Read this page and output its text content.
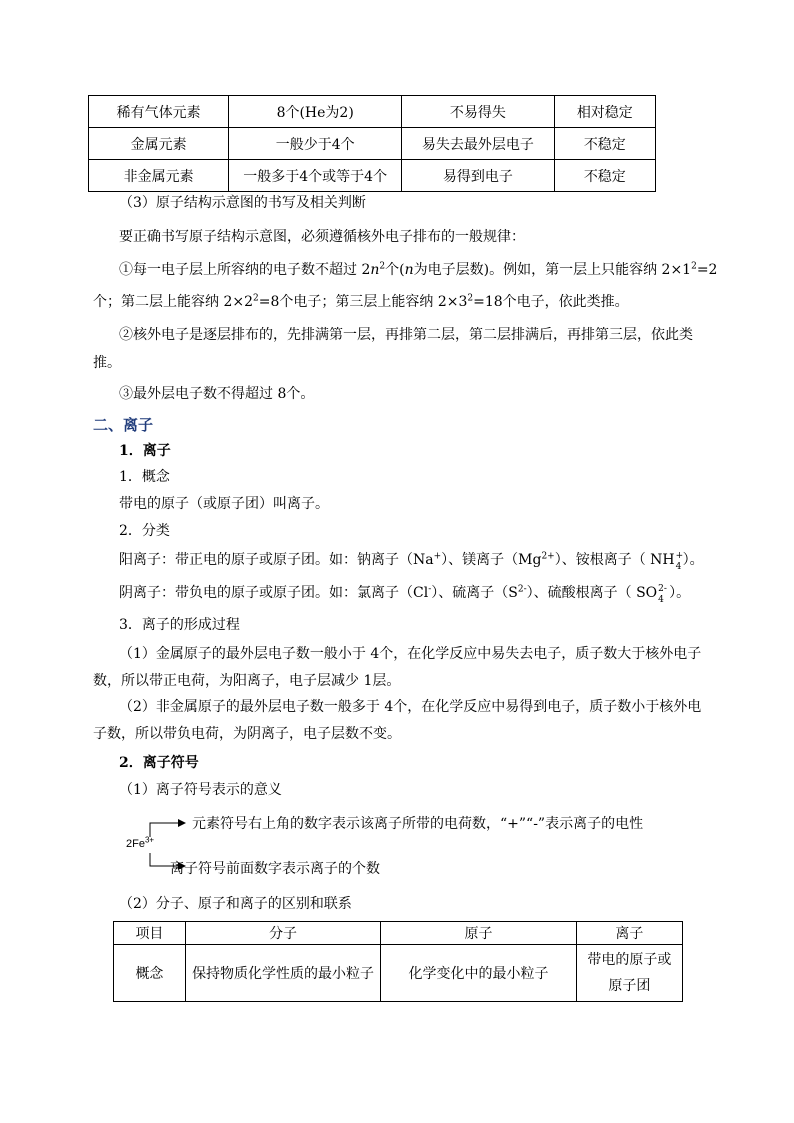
稀有气体元素	8个(He为2)	不易得失	相对稳定
金属元素	一般少于4个	易失去最外层电子	不稳定
非金属元素	一般多于4个或等于4个	易得到电子	不稳定
（3）原子结构示意图的书写及相关判断
要正确书写原子结构示意图，必须遵循核外电子排布的一般规律：
①每一电子层上所容纳的电子数不超过 $2n^2$个(n为电子层数)。例如，第一层上只能容纳 $2\times 1^2=2$
个；第二层上能容纳 $2\times 2^2=8$个电子；第三层上能容纳 $2\times 3^2=18$个电子，依此类推。
②核外电子是逐层排布的，先排满第一层，再排第二层，第二层排满后，再排第三层，依此类
推。
③最外层电子数不得超过 8个。
二、离子
1．离子
1．概念
带电的原子（或原子团）叫离子。
2．分类
阳离子：带正电的原子或原子团。如：钠离子（Na+）、镁离子$(Mg^{2+})$、铵根离子（ NH +
4 ）。
阴离子：带负电的原子或原子团。如：氯离子（Cl-）、硫离子$(S^{2-})$、硫酸根离子（ SO 2-
4 ）。
3．离子的形成过程
（1）金属原子的最外层电子数一般小于 4个，在化学反应中易失去电子，质子数大于核外电子
数，所以带正电荷，为阳离子，电子层减少 1层。
（2）非金属原子的最外层电子数一般多于 4个，在化学反应中易得到电子，质子数小于核外电
子数，所以带负电荷，为阴离子，电子层数不变。
2．离子符号
（1）离子符号表示的意义
$2Fe^{3+}$
元素符号右上角的数字表示该离子所带的电荷数，“+”“-”表示离子的电性
离子符号前面数字表示离子的个数
（2）分子、原子和离子的区别和联系
项目	分子	原子	离子
概念	保持物质化学性质的最小粒子	化学变化中的最小粒子	带电的原子或原子团
